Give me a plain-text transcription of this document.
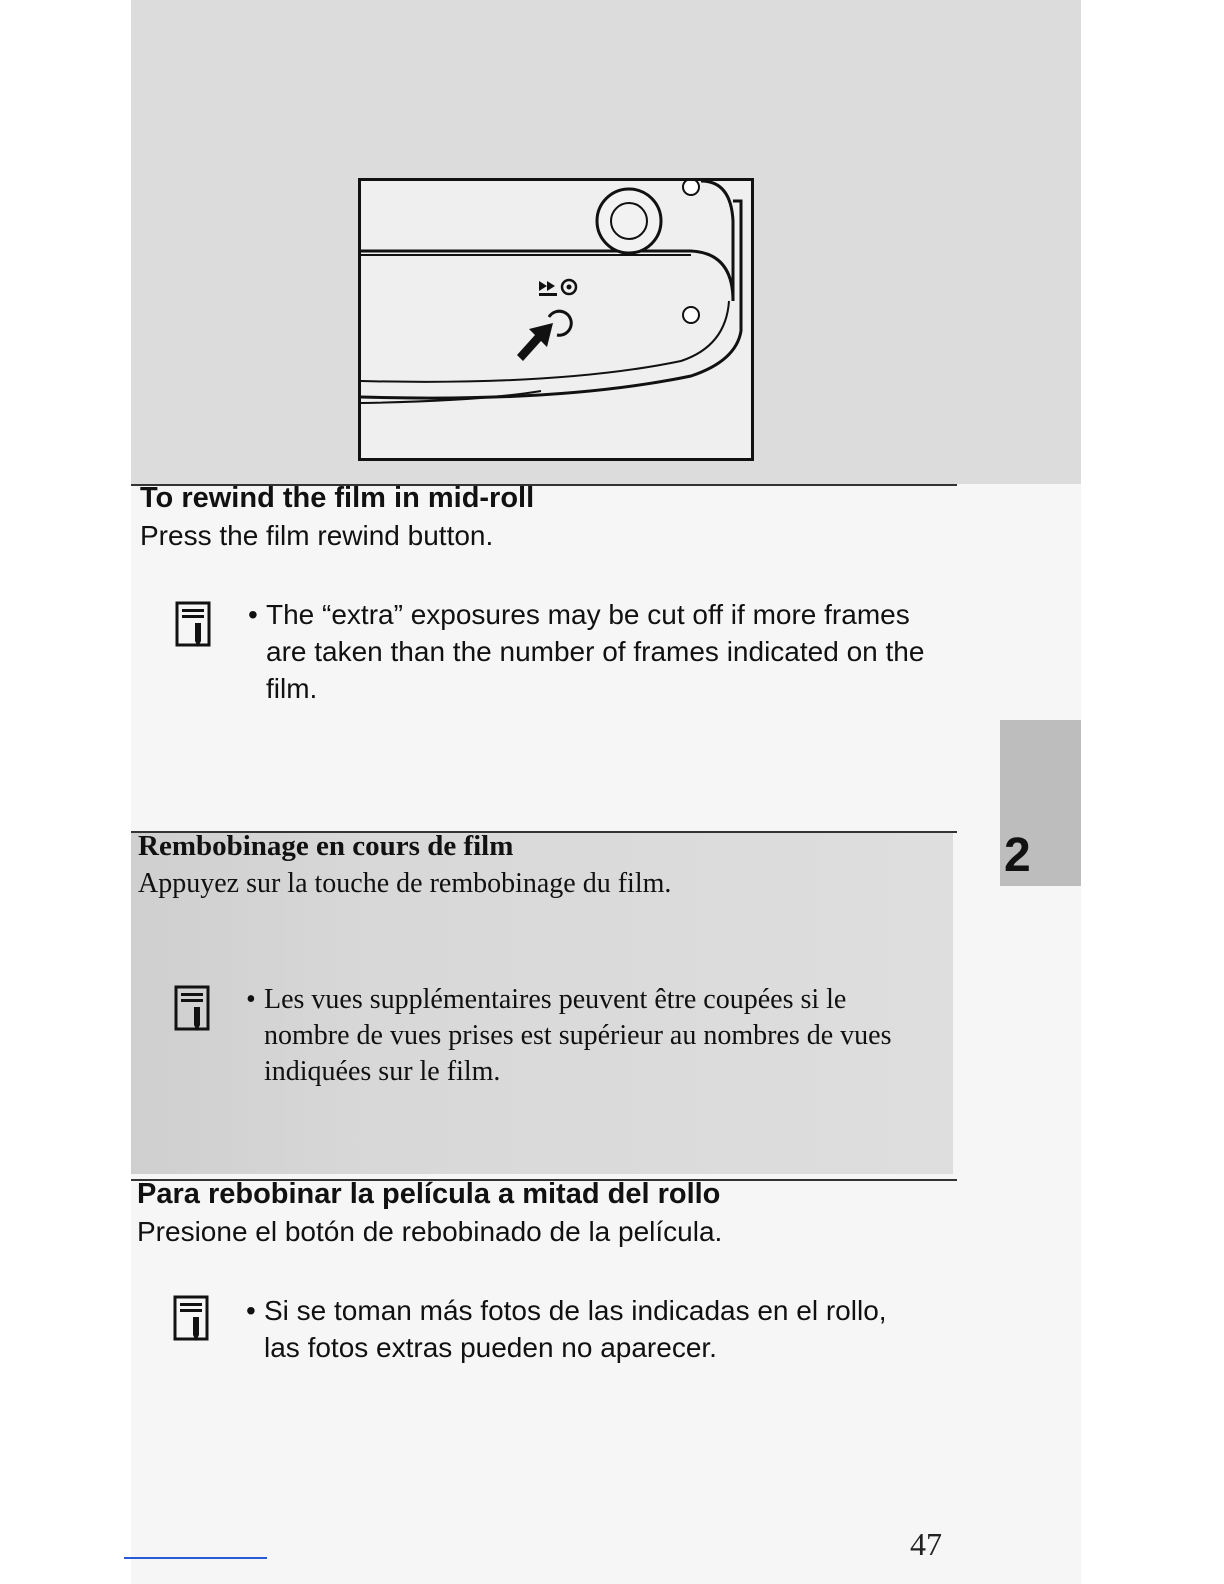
To rewind the film in mid-roll

Press the film rewind button.

• The “extra” exposures may be cut off if more frames are taken than the number of frames indicated on the film.
Rembobinage en cours de film

Appuyez sur la touche de rembobinage du film.

• Les vues supplémentaires peuvent être coupées si le nombre de vues prises est supérieur au nombres de vues indiquées sur le film.
Para rebobinar la película a mitad del rollo

Presione el botón de rebobinado de la película.

• Si se toman más fotos de las indicadas en el rollo, las fotos extras pueden no aparecer.
2
47
